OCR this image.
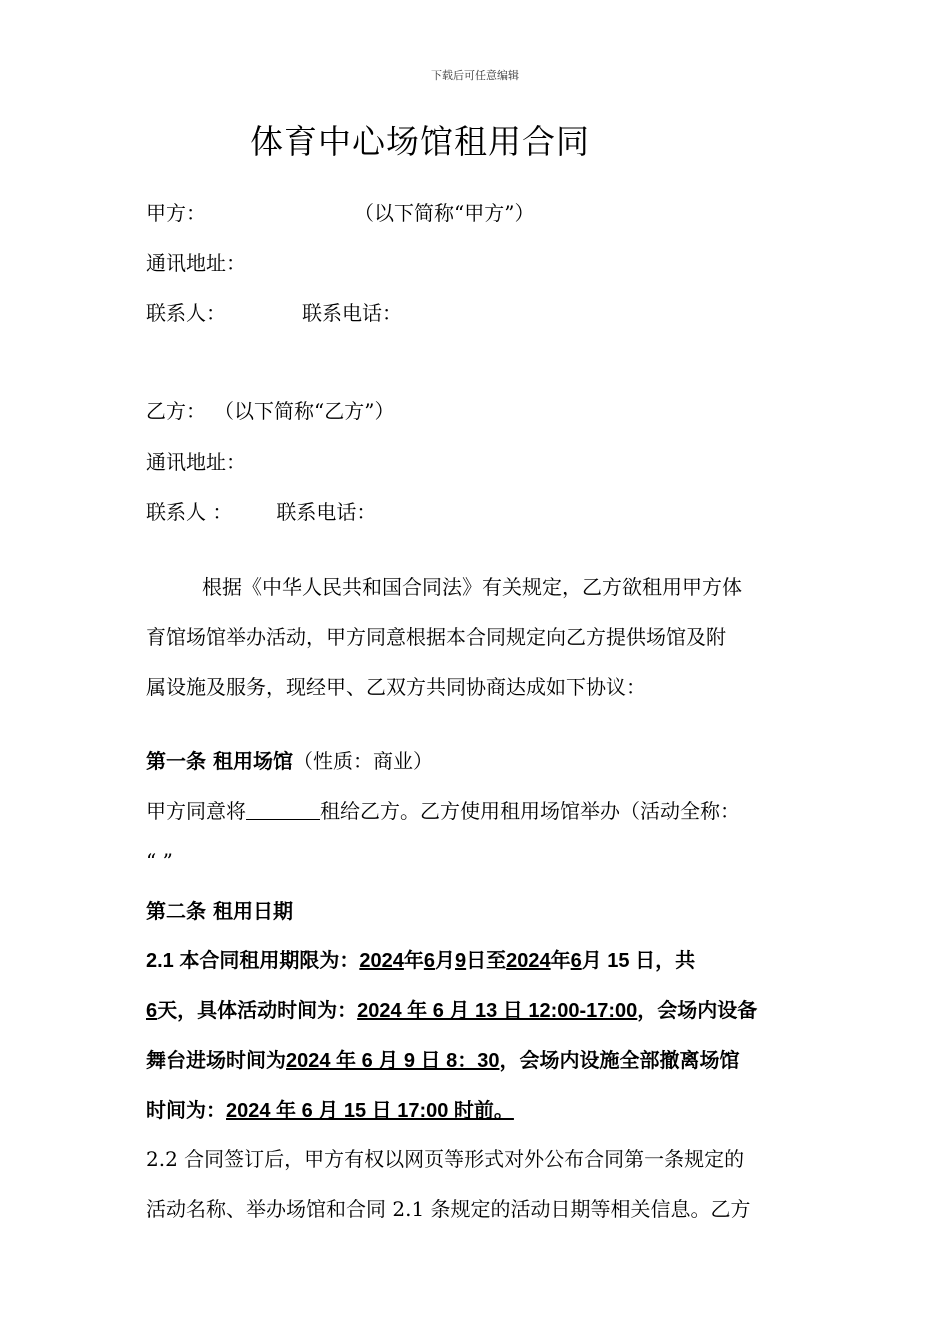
下载后可任意编辑
体育中心场馆租用合同
甲方：	（以下简称“甲方”）
通讯地址：
联系人：	联系电话：
乙方： （以下简称“乙方”）
通讯地址：
联系人 ： 联系电话：
根据《中华人民共和国合同法》有关规定，乙方欲租用甲方体
育馆场馆举办活动，甲方同意根据本合同规定向乙方提供场馆及附
属设施及服务，现经甲、乙双方共同协商达成如下协议：
第一条 租用场馆（性质：商业）
甲方同意将	租给乙方。乙方使用租用场馆举办（活动全称：
“ ”
第二条 租用日期
2.1 本合同租用期限为：2024年6月9日至2024年6月 15 日，共
6天，具体活动时间为：2024 年 6 月 13 日 12:00-17:00，会场内设备
舞台进场时间为2024 年 6 月 9 日 8：30，会场内设施全部撤离场馆
时间为：2024 年 6 月 15 日 17:00 时前。
2.2 合同签订后，甲方有权以网页等形式对外公布合同第一条规定的
活动名称、举办场馆和合同 2.1 条规定的活动日期等相关信息。乙方
